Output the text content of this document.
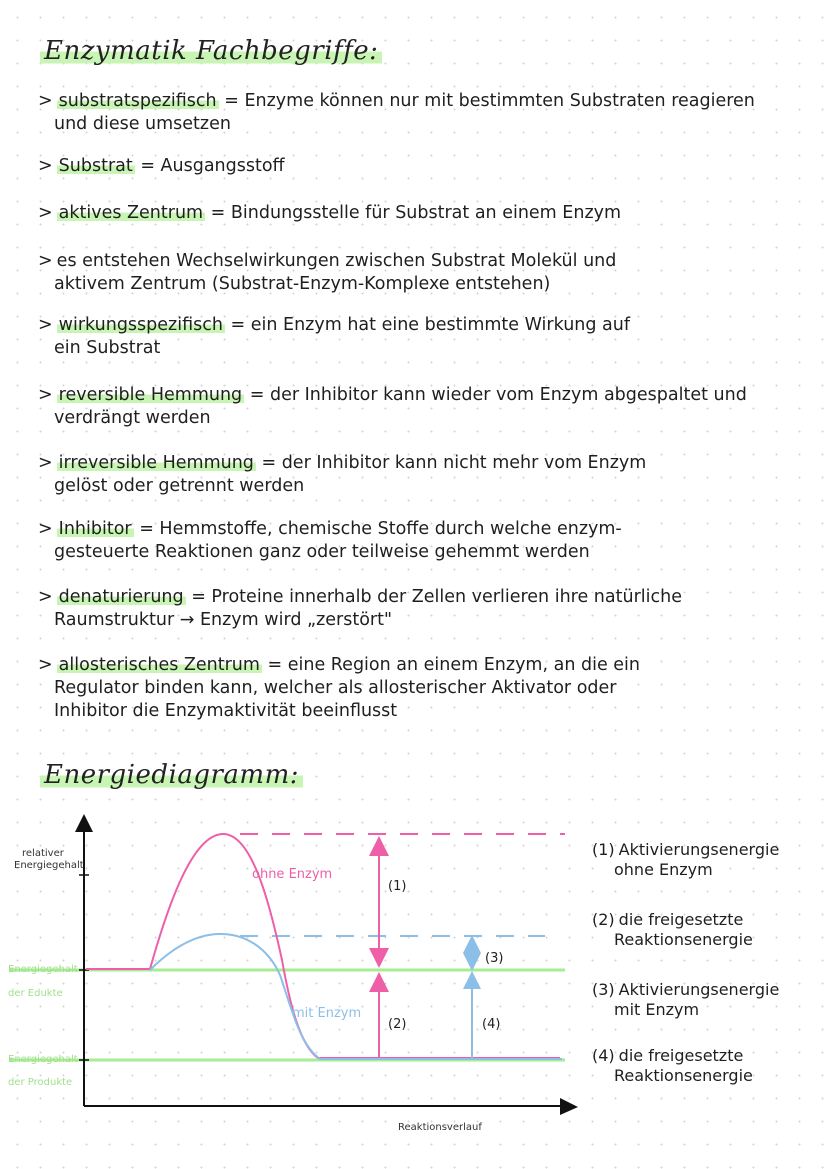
Enzymatik Fachbegriffe:
> substratspezifisch = Enzyme können nur mit bestimmten Substraten reagieren
und diese umsetzen
> Substrat = Ausgangsstoff
> aktives Zentrum = Bindungsstelle für Substrat an einem Enzym
> es entstehen Wechselwirkungen zwischen Substrat Molekül und
aktivem Zentrum (Substrat-Enzym-Komplexe entstehen)
> wirkungsspezifisch = ein Enzym hat eine bestimmte Wirkung auf
ein Substrat
> reversible Hemmung = der Inhibitor kann wieder vom Enzym abgespaltet und
verdrängt werden
> irreversible Hemmung = der Inhibitor kann nicht mehr vom Enzym
gelöst oder getrennt werden
> Inhibitor = Hemmstoffe, chemische Stoffe durch welche enzym-
gesteuerte Reaktionen ganz oder teilweise gehemmt werden
> denaturierung = Proteine innerhalb der Zellen verlieren ihre natürliche
Raumstruktur → Enzym wird „zerstört"
> allosterisches Zentrum = eine Region an einem Enzym, an die ein
Regulator binden kann, welcher als allosterischer Aktivator oder
Inhibitor die Enzymaktivität beeinflusst
Energiediagramm:
relativer
Energiegehalt
Energiegehalt
der Edukte
Energiegehalt
der Produkte
ohne Enzym
mit Enzym
(1)
(2)
(3)
(4)
Reaktionsverlauf
(1) Aktivierungsenergie
ohne Enzym
(2) die freigesetzte
Reaktionsenergie
(3) Aktivierungsenergie
mit Enzym
(4) die freigesetzte
Reaktionsenergie
